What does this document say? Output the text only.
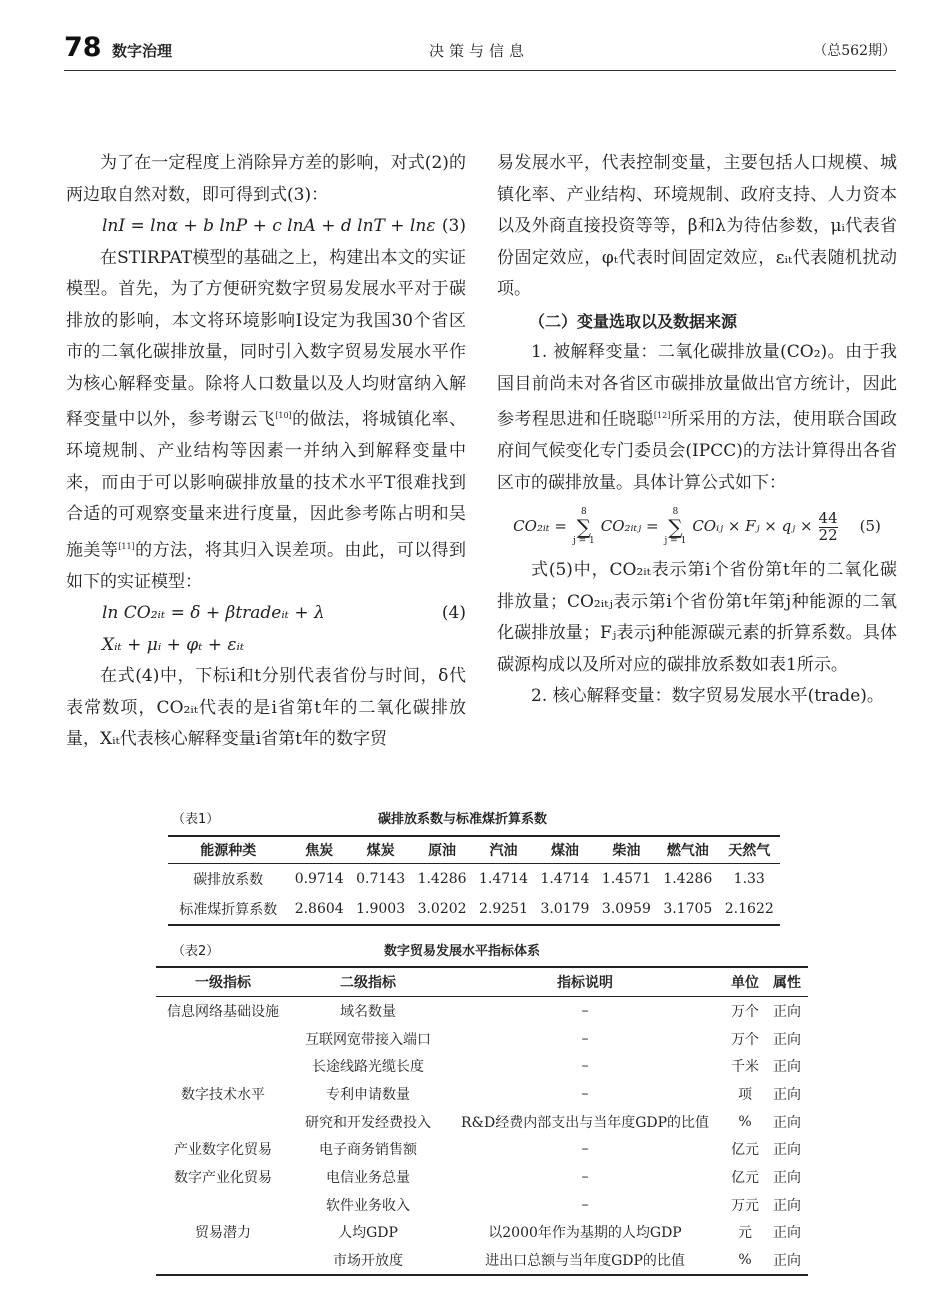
78 数字治理	决策与信息	（总562期）

为了在一定程度上消除异方差的影响，对式(2)的两边取自然对数，即可得到式(3)：

lnI = lnα + b lnP + c lnA + d lnT + lnε (3)

在STIRPAT模型的基础之上，构建出本文的实证模型。首先，为了方便研究数字贸易发展水平对于碳排放的影响，本文将环境影响I设定为我国30个省区市的二氧化碳排放量，同时引入数字贸易发展水平作为核心解释变量。除将人口数量以及人均财富纳入解释变量中以外，参考谢云飞[10]的做法，将城镇化率、环境规制、产业结构等因素一并纳入到解释变量中来，而由于可以影响碳排放量的技术水平T很难找到合适的可观察变量来进行度量，因此参考陈占明和吴施美等[11]的方法，将其归入误差项。由此，可以得到如下的实证模型：

ln CO₂ᵢₜ = δ + βtradeᵢₜ + λ	(4)
Xᵢₜ + μᵢ + φₜ + εᵢₜ

在式(4)中，下标i和t分别代表省份与时间，δ代表常数项，CO₂ᵢₜ代表的是i省第t年的二氧化碳排放量，Xᵢₜ代表核心解释变量i省第t年的数字贸

易发展水平，代表控制变量，主要包括人口规模、城镇化率、产业结构、环境规制、政府支持、人力资本以及外商直接投资等等，β和λ为待估参数，μᵢ代表省份固定效应，φₜ代表时间固定效应，εᵢₜ代表随机扰动项。

（二）变量选取以及数据来源

1. 被解释变量：二氧化碳排放量(CO₂)。由于我国目前尚未对各省区市碳排放量做出官方统计，因此参考程思进和任晓聪[12]所采用的方法，使用联合国政府间气候变化专门委员会(IPCC)的方法计算得出各省区市的碳排放量。具体计算公式如下：

CO₂ᵢₜ =
8
∑
j = 1
CO₂ᵢₜⱼ =
8
∑
j = 1
COᵢⱼ × Fⱼ × qⱼ × $\frac{44}{22} (5)$

式(5)中，CO₂ᵢₜ表示第i个省份第t年的二氧化碳排放量；CO₂ᵢₜⱼ表示第i个省份第t年第j种能源的二氧化碳排放量；Fⱼ表示j种能源碳元素的折算系数。具体碳源构成以及所对应的碳排放系数如表1所示。

2. 核心解释变量：数字贸易发展水平(trade)。

（表1）	碳排放系数与标准煤折算系数
能源种类	焦炭	煤炭	原油	汽油	煤油	柴油	燃气油	天然气
碳排放系数	0.9714	0.7143	1.4286	1.4714	1.4714	1.4571	1.4286	1.33
标准煤折算系数	2.8604	1.9003	3.0202	2.9251	3.0179	3.0959	3.1705	2.1622
（表2）	数字贸易发展水平指标体系
一级指标	二级指标	指标说明	单位	属性
信息网络基础设施	域名数量	–	万个	正向
	互联网宽带接入端口	–	万个	正向
	长途线路光缆长度	–	千米	正向
数字技术水平	专利申请数量	–	项	正向
	研究和开发经费投入	R&D经费内部支出与当年度GDP的比值	%	正向
产业数字化贸易	电子商务销售额	–	亿元	正向
数字产业化贸易	电信业务总量	–	亿元	正向
	软件业务收入	–	万元	正向
贸易潜力	人均GDP	以2000年作为基期的人均GDP	元	正向
	市场开放度	进出口总额与当年度GDP的比值	%	正向
